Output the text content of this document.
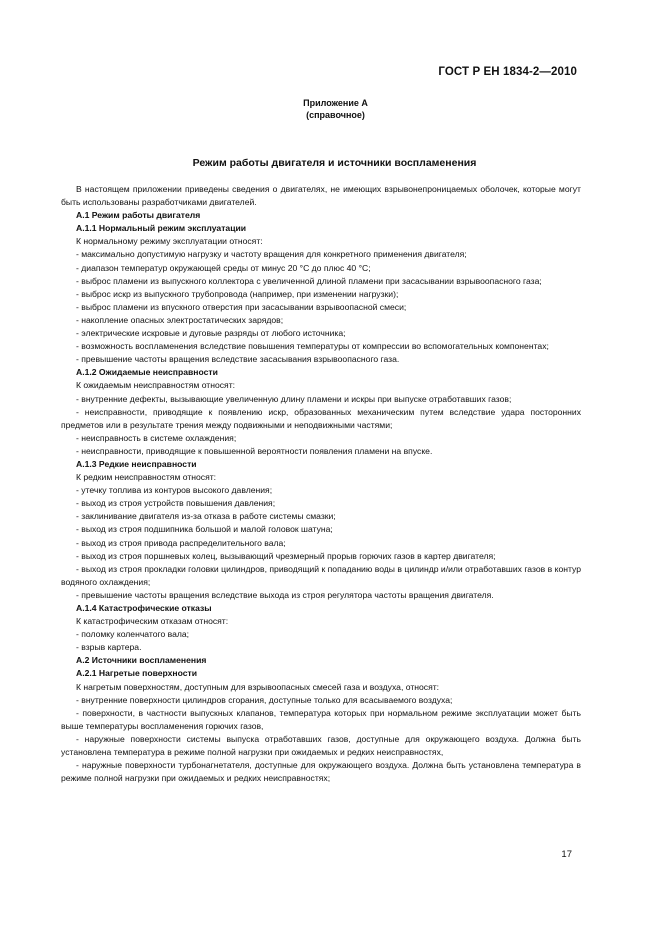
ГОСТ Р ЕН 1834-2—2010
Приложение А
(справочное)
Режим работы двигателя и источники воспламенения

В настоящем приложении приведены сведения о двигателях, не имеющих взрывонепроницаемых оболочек, которые могут быть использованы разработчиками двигателей.

А.1 Режим работы двигателя

А.1.1 Нормальный режим эксплуатации

К нормальному режиму эксплуатации относят:

- максимально допустимую нагрузку и частоту вращения для конкретного применения двигателя;

- диапазон температур окружающей среды от минус 20 °С до плюс 40 °С;

- выброс пламени из выпускного коллектора с увеличенной длиной пламени при засасывании взрывоопасного газа;

- выброс искр из выпускного трубопровода (например, при изменении нагрузки);

- выброс пламени из впускного отверстия при засасывании взрывоопасной смеси;

- накопление опасных электростатических зарядов;

- электрические искровые и дуговые разряды от любого источника;

- возможность воспламенения вследствие повышения температуры от компрессии во вспомогательных компонентах;

- превышение частоты вращения вследствие засасывания взрывоопасного газа.

А.1.2 Ожидаемые неисправности

К ожидаемым неисправностям относят:

- внутренние дефекты, вызывающие увеличенную длину пламени и искры при выпуске отработавших газов;

- неисправности, приводящие к появлению искр, образованных механическим путем вследствие удара посторонних предметов или в результате трения между подвижными и неподвижными частями;

- неисправность в системе охлаждения;

- неисправности, приводящие к повышенной вероятности появления пламени на впуске.

А.1.3 Редкие неисправности

К редким неисправностям относят:

- утечку топлива из контуров высокого давления;

- выход из строя устройств повышения давления;

- заклинивание двигателя из-за отказа в работе системы смазки;

- выход из строя подшипника большой и малой головок шатуна;

- выход из строя привода распределительного вала;

- выход из строя поршневых колец, вызывающий чрезмерный прорыв горючих газов в картер двигателя;

- выход из строя прокладки головки цилиндров, приводящий к попаданию воды в цилиндр и/или отработавших газов в контур водяного охлаждения;

- превышение частоты вращения вследствие выхода из строя регулятора частоты вращения двигателя.

А.1.4 Катастрофические отказы

К катастрофическим отказам относят:

- поломку коленчатого вала;

- взрыв картера.

А.2 Источники воспламенения

А.2.1 Нагретые поверхности

К нагретым поверхностям, доступным для взрывоопасных смесей газа и воздуха, относят:

- внутренние поверхности цилиндров сгорания, доступные только для всасываемого воздуха;

- поверхности, в частности выпускных клапанов, температура которых при нормальном режиме эксплуатации может быть выше температуры воспламенения горючих газов,

- наружные поверхности системы выпуска отработавших газов, доступные для окружающего воздуха. Должна быть установлена температура в режиме полной нагрузки при ожидаемых и редких неисправностях,

- наружные поверхности турбонагнетателя, доступные для окружающего воздуха. Должна быть установлена температура в режиме полной нагрузки при ожидаемых и редких неисправностях;

17
